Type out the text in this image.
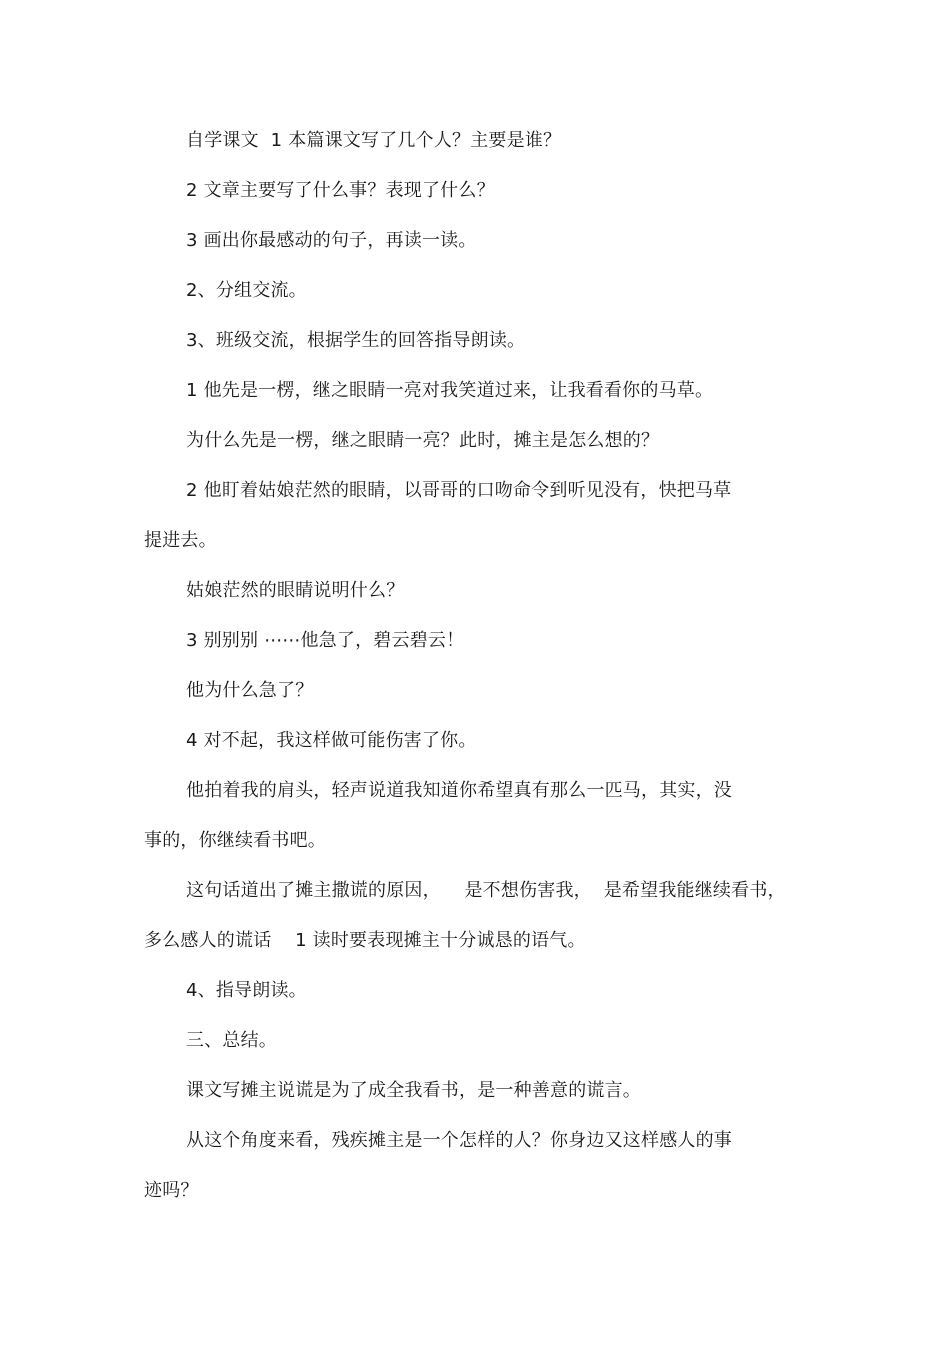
自学课文  1 本篇课文写了几个人？主要是谁？
2 文章主要写了什么事？表现了什么？
3 画出你最感动的句子，再读一读。
2、分组交流。
3、班级交流，根据学生的回答指导朗读。
1 他先是一楞，继之眼睛一亮对我笑道过来，让我看看你的马草。
为什么先是一楞，继之眼睛一亮？此时，摊主是怎么想的？
2 他盯着姑娘茫然的眼睛，以哥哥的口吻命令到听见没有，快把马草
提进去。
姑娘茫然的眼睛说明什么？
3 别别别 ⋯⋯他急了，碧云碧云！
他为什么急了？
4 对不起，我这样做可能伤害了你。
他拍着我的肩头，轻声说道我知道你希望真有那么一匹马，其实，没
事的，你继续看书吧。
这句话道出了摊主撒谎的原因，    是不想伤害我，  是希望我能继续看书，
多么感人的谎话    1 读时要表现摊主十分诚恳的语气。
4、指导朗读。
三、总结。
课文写摊主说谎是为了成全我看书，是一种善意的谎言。
从这个角度来看，残疾摊主是一个怎样的人？你身边又这样感人的事
迹吗？
